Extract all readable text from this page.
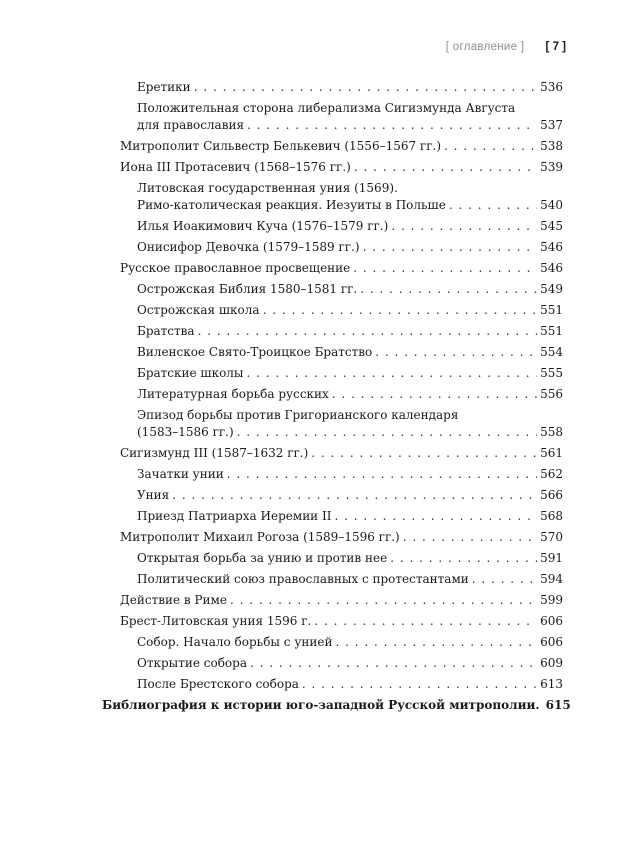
[ оглавление ] [ 7 ]
Еретики . . .	536
Положительная сторона либерализма Сигизмунда Августа
для православия . . .	537
Митрополит Сильвестр Белькевич (1556–1567 гг.) . . .	538
Иона III Протасевич (1568–1576 гг.) . . .	539
Литовская государственная уния (1569).
Римо-католическая реакция. Иезуиты в Польше . . .	540
Илья Иоакимович Куча (1576–1579 гг.) . . .	545
Онисифор Девочка (1579–1589 гг.) . . .	546
Русское православное просвещение . . .	546
Острожская Библия 1580–1581 гг. . . .	549
Острожская школа . . .	551
Братства . . .	551
Виленское Свято-Троицкое Братство . . .	554
Братские школы . . .	555
Литературная борьба русских . . .	556
Эпизод борьбы против Григорианского календаря
(1583–1586 гг.) . . .	558
Сигизмунд III (1587–1632 гг.) . . .	561
Зачатки унии . . .	562
Уния . . .	566
Приезд Патриарха Иеремии II . . .	568
Митрополит Михаил Рогоза (1589–1596 гг.) . . .	570
Открытая борьба за унию и против нее . . .	591
Политический союз православных с протестантами . . .	594
Действие в Риме . . .	599
Брест-Литовская уния 1596 г. . . .	606
Собор. Начало борьбы с унией . . .	606
Открытие собора . . .	609
После Брестского собора . . .	613
Библиография к истории юго-западной Русской митрополии. 615
